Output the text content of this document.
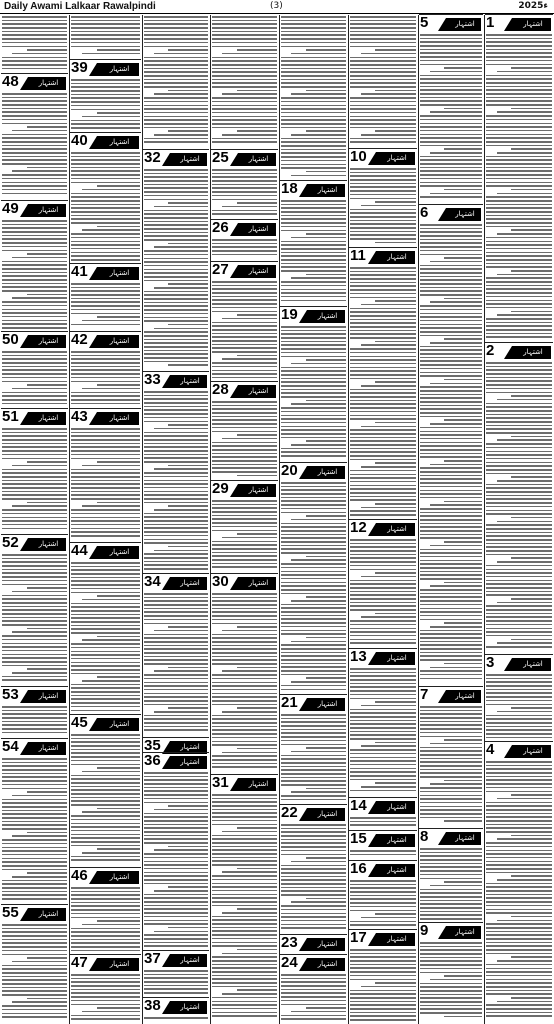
Daily Awami Lalkaar Rawalpindi	(3)	2025ء
48	اشتہار
49	اشتہار
50	اشتہار
51	اشتہار
52	اشتہار
53	اشتہار
54	اشتہار
55	اشتہار
39	اشتہار
40	اشتہار
41	اشتہار
42	اشتہار
43	اشتہار
44	اشتہار
45	اشتہار
46	اشتہار
47	اشتہار
32	اشتہار
33	اشتہار
34	اشتہار
35	اشتہار
36	اشتہار
37	اشتہار
38	اشتہار
25	اشتہار
26	اشتہار
27	اشتہار
28	اشتہار
29	اشتہار
30	اشتہار
31	اشتہار
18	اشتہار
19	اشتہار
20	اشتہار
21	اشتہار
22	اشتہار
23	اشتہار
24	اشتہار
10	اشتہار
11	اشتہار
12	اشتہار
13	اشتہار
14	اشتہار
15	اشتہار
16	اشتہار
17	اشتہار
5	اشتہار
6	اشتہار
7	اشتہار
8	اشتہار
9	اشتہار
1	اشتہار
2	اشتہار
3	اشتہار
4	اشتہار
